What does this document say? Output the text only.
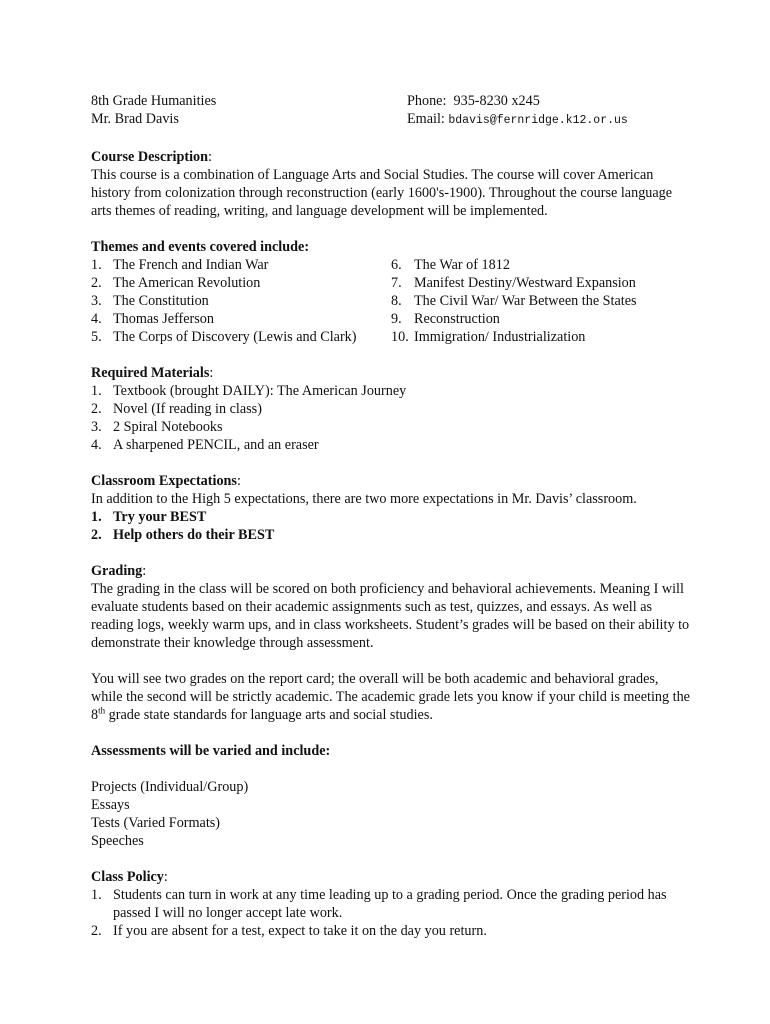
8th Grade Humanities
Mr. Brad Davis
Phone: 935-8230 x245
Email: bdavis@fernridge.k12.or.us
Course Description:

This course is a combination of Language Arts and Social Studies. The course will cover American history from colonization through reconstruction (early 1600's-1900). Throughout the course language arts themes of reading, writing, and language development will be implemented.

Themes and events covered include:
1. The French and Indian War
2. The American Revolution
3. The Constitution
4. Thomas Jefferson
5. The Corps of Discovery (Lewis and Clark)
6. The War of 1812
7. Manifest Destiny/Westward Expansion
8. The Civil War/ War Between the States
9. Reconstruction
10. Immigration/ Industrialization
Required Materials:
1. Textbook (brought DAILY): The American Journey
2. Novel (If reading in class)
3. 2 Spiral Notebooks
4. A sharpened PENCIL, and an eraser
Classroom Expectations:
In addition to the High 5 expectations, there are two more expectations in Mr. Davis’ classroom.
1. Try your BEST
2. Help others do their BEST
Grading:

The grading in the class will be scored on both proficiency and behavioral achievements. Meaning I will evaluate students based on their academic assignments such as test, quizzes, and essays. As well as reading logs, weekly warm ups, and in class worksheets. Student’s grades will be based on their ability to demonstrate their knowledge through assessment.

You will see two grades on the report card; the overall will be both academic and behavioral grades, while the second will be strictly academic. The academic grade lets you know if your child is meeting the 8th grade state standards for language arts and social studies.

Assessments will be varied and include:
Projects (Individual/Group)
Essays
Tests (Varied Formats)
Speeches
Class Policy:
1. Students can turn in work at any time leading up to a grading period. Once the grading period has passed I will no longer accept late work.
2. If you are absent for a test, expect to take it on the day you return.
